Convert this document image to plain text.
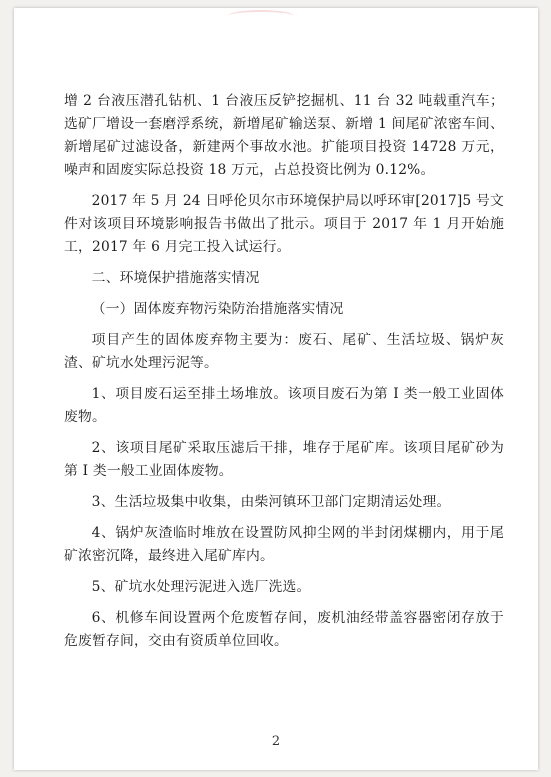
增 2 台液压潜孔钻机、1 台液压反铲挖掘机、11 台 32 吨载重汽车；选矿厂增设一套磨浮系统，新增尾矿输送泵、新增 1 间尾矿浓密车间、新增尾矿过滤设备，新建两个事故水池。扩能项目投资 14728 万元，噪声和固废实际总投资 18 万元，占总投资比例为 0.12%。

2017 年 5 月 24 日呼伦贝尔市环境保护局以呼环审[2017]5 号文件对该项目环境影响报告书做出了批示。项目于 2017 年 1 月开始施工，2017 年 6 月完工投入试运行。

二、环境保护措施落实情况

（一）固体废弃物污染防治措施落实情况

项目产生的固体废弃物主要为：废石、尾矿、生活垃圾、锅炉灰渣、矿坑水处理污泥等。

1、项目废石运至排土场堆放。该项目废石为第 I 类一般工业固体废物。

2、该项目尾矿采取压滤后干排，堆存于尾矿库。该项目尾矿砂为第 I 类一般工业固体废物。

3、生活垃圾集中收集，由柴河镇环卫部门定期清运处理。

4、锅炉灰渣临时堆放在设置防风抑尘网的半封闭煤棚内，用于尾矿浓密沉降，最终进入尾矿库内。

5、矿坑水处理污泥进入选厂洗选。

6、机修车间设置两个危废暂存间，废机油经带盖容器密闭存放于危废暂存间，交由有资质单位回收。

2
